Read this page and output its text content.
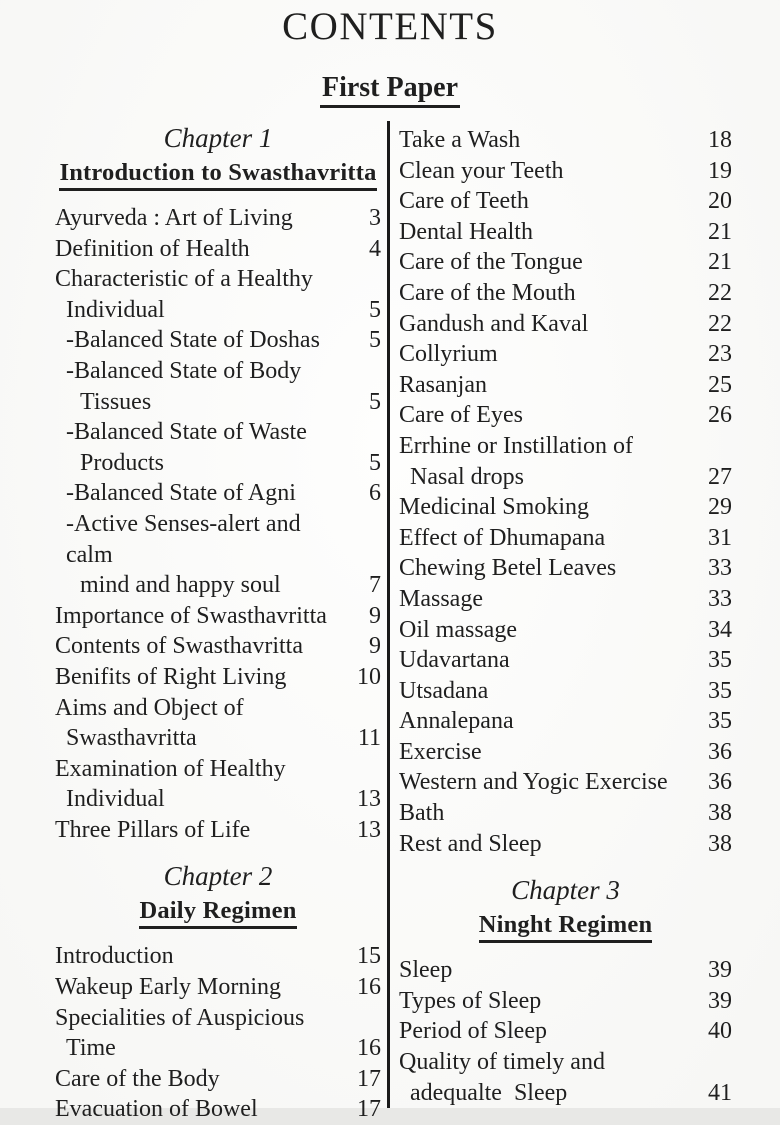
CONTENTS
First Paper
Chapter 1
Introduction to Swasthavritta
Ayurveda : Art of Living	3
Definition of Health	4
Characteristic of a Healthy
Individual	5
-Balanced State of Doshas	5
-Balanced State of Body
Tissues	5
-Balanced State of Waste
Products	5
-Balanced State of Agni	6
-Active Senses-alert and calm
mind and happy soul	7
Importance of Swasthavritta	9
Contents of Swasthavritta	9
Benifits of Right Living	10
Aims and Object of
Swasthavritta	11
Examination of Healthy
Individual	13
Three Pillars of Life	13
Chapter 2
Daily Regimen
Introduction	15
Wakeup Early Morning	16
Specialities of Auspicious
Time	16
Care of the Body	17
Evacuation of Bowel	17
Take a Wash	18
Clean your Teeth	19
Care of Teeth	20
Dental Health	21
Care of the Tongue	21
Care of the Mouth	22
Gandush and Kaval	22
Collyrium	23
Rasanjan	25
Care of Eyes	26
Errhine or Instillation of
Nasal drops	27
Medicinal Smoking	29
Effect of Dhumapana	31
Chewing Betel Leaves	33
Massage	33
Oil massage	34
Udavartana	35
Utsadana	35
Annalepana	35
Exercise	36
Western and Yogic Exercise	36
Bath	38
Rest and Sleep	38
Chapter 3
Ninght Regimen
Sleep	39
Types of Sleep	39
Period of Sleep	40
Quality of timely and
adequalte  Sleep	41
